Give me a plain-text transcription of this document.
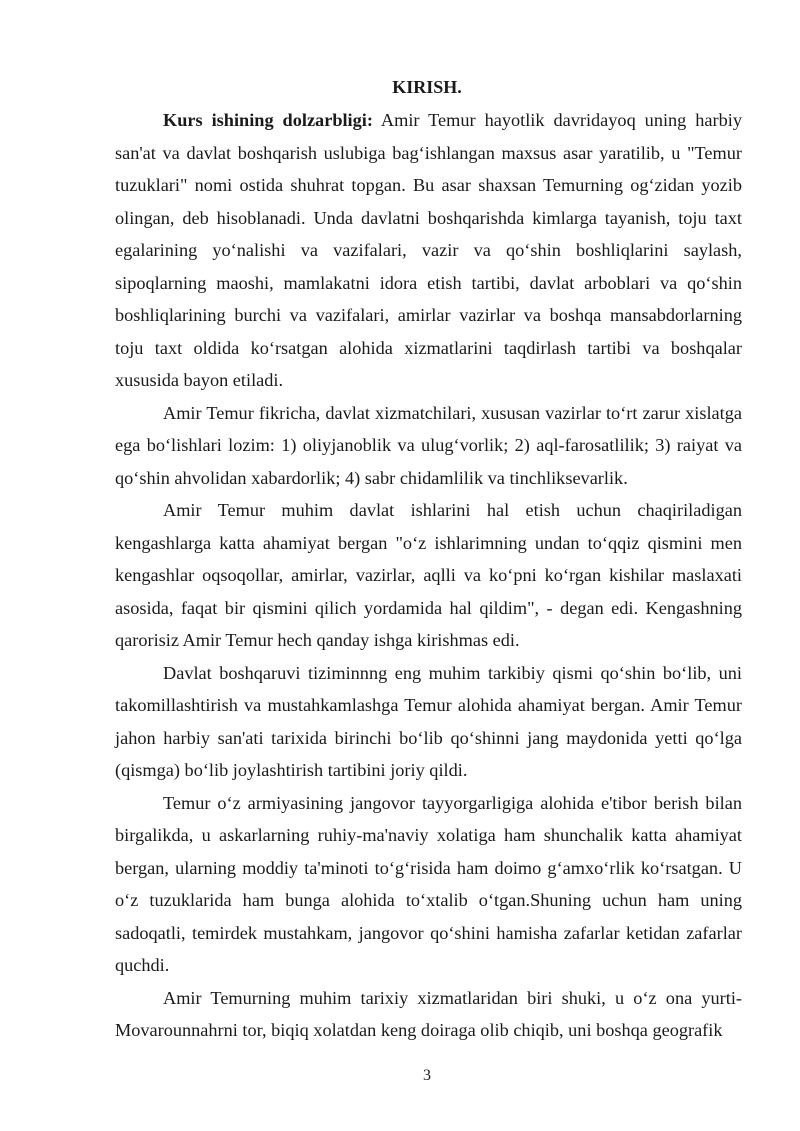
KIRISH.

Kurs ishining dolzarbligi: Amir Temur hayotlik davridayoq uning harbiy san'at va davlat boshqarish uslubiga bag‘ishlangan maxsus asar yaratilib, u "Temur tuzuklari" nomi ostida shuhrat topgan. Bu asar shaxsan Temurning og‘zidan yozib olingan, deb hisoblanadi. Unda davlatni boshqarishda kimlarga tayanish, toju taxt egalarining yo‘nalishi va vazifalari, vazir va qo‘shin boshliqlarini saylash, sipoqlarning maoshi, mamlakatni idora etish tartibi, davlat arboblari va qo‘shin boshliqlarining burchi va vazifalari, amirlar vazirlar va boshqa mansabdorlarning toju taxt oldida ko‘rsatgan alohida xizmatlarini taqdirlash tartibi va boshqalar xususida bayon etiladi.

Amir Temur fikricha, davlat xizmatchilari, xususan vazirlar to‘rt zarur xislatga ega bo‘lishlari lozim: 1) oliyjanoblik va ulug‘vorlik; 2) aql-farosatlilik; 3) raiyat va qo‘shin ahvolidan xabardorlik; 4) sabr chidamlilik va tinchliksevarlik.

Amir Temur muhim davlat ishlarini hal etish uchun chaqiriladigan kengashlarga katta ahamiyat bergan "o‘z ishlarimning undan to‘qqiz qismini men kengashlar oqsoqollar, amirlar, vazirlar, aqlli va ko‘pni ko‘rgan kishilar maslaxati asosida, faqat bir qismini qilich yordamida hal qildim", - degan edi. Kengashning qarorisiz Amir Temur hech qanday ishga kirishmas edi.

Davlat boshqaruvi tiziminnng eng muhim tarkibiy qismi qo‘shin bo‘lib, uni takomillashtirish va mustahkamlashga Temur alohida ahamiyat bergan. Amir Temur jahon harbiy san'ati tarixida birinchi bo‘lib qo‘shinni jang maydonida yetti qo‘lga (qismga) bo‘lib joylashtirish tartibini joriy qildi.

Temur o‘z armiyasining jangovor tayyorgarligiga alohida e'tibor berish bilan birgalikda, u askarlarning ruhiy-ma'naviy xolatiga ham shunchalik katta ahamiyat bergan, ularning moddiy ta'minoti to‘g‘risida ham doimo g‘amxo‘rlik ko‘rsatgan. U o‘z tuzuklarida ham bunga alohida to‘xtalib o‘tgan.Shuning uchun ham uning sadoqatli, temirdek mustahkam, jangovor qo‘shini hamisha zafarlar ketidan zafarlar quchdi.

Amir Temurning muhim tarixiy xizmatlaridan biri shuki, u o‘z ona yurti-Movarounnahrni tor, biqiq xolatdan keng doiraga olib chiqib, uni boshqa geografik

3
